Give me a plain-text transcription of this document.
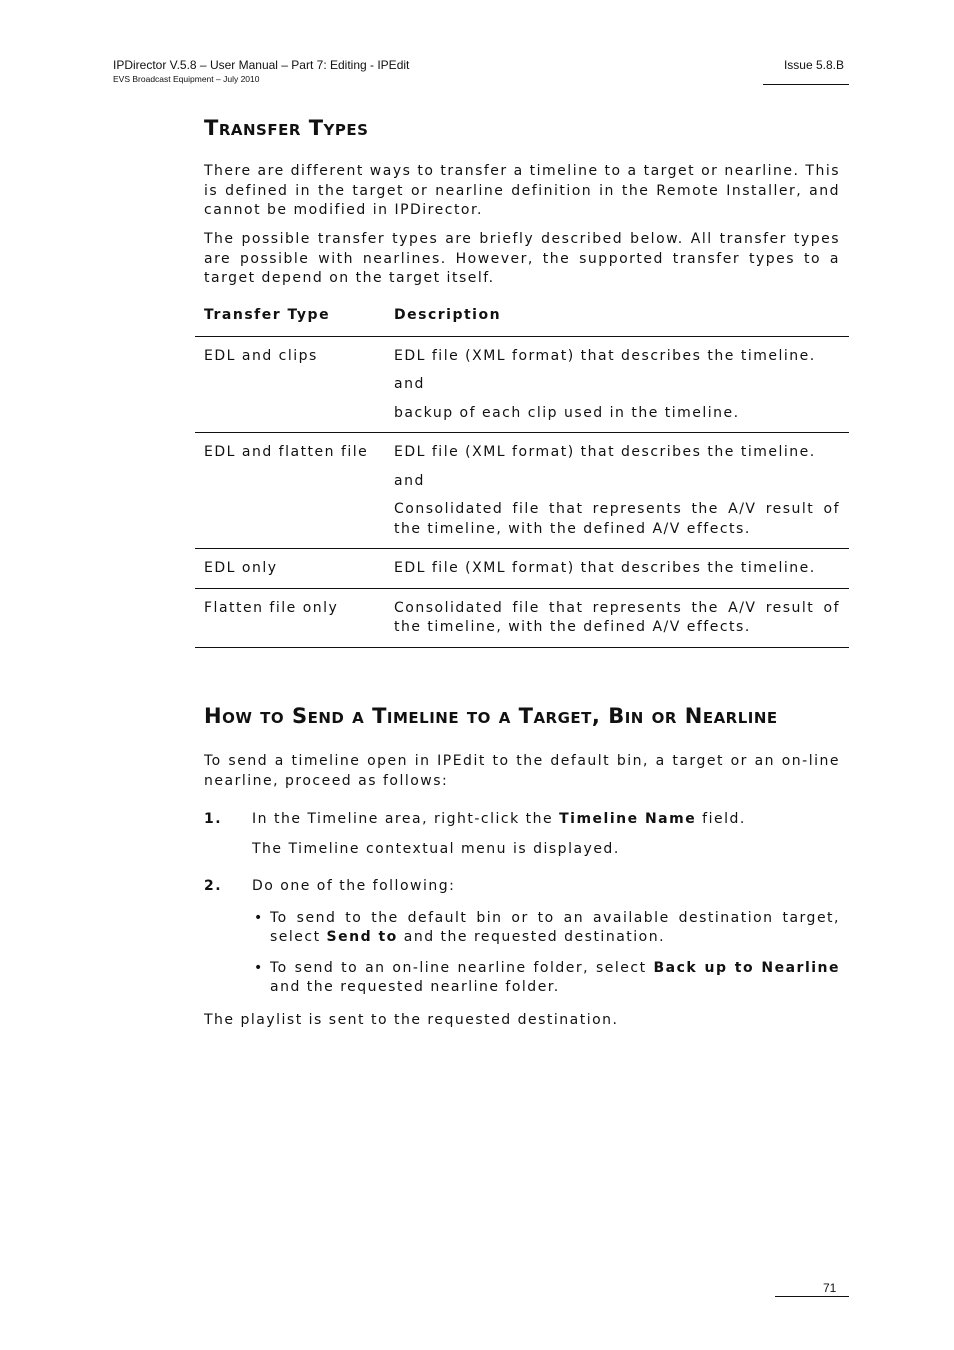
IPDirector V.5.8 – User Manual – Part 7: Editing - IPEdit
EVS Broadcast Equipment – July 2010
Issue 5.8.B
Transfer Types
There are different ways to transfer a timeline to a target or nearline. This is defined in the target or nearline definition in the Remote Installer, and cannot be modified in IPDirector.
The possible transfer types are briefly described below. All transfer types are possible with nearlines. However, the supported transfer types to a target depend on the target itself.
Transfer Type	Description
EDL and clips	EDL file (XML format) that describes the timeline.
and
backup of each clip used in the timeline.

EDL and flatten file	EDL file (XML format) that describes the timeline.
and
Consolidated file that represents the A/V result of the timeline, with the defined A/V effects.

EDL only	EDL file (XML format) that describes the timeline.

Flatten file only	Consolidated file that represents the A/V result of the timeline, with the defined A/V effects.
How to Send a Timeline to a Target, Bin or Nearline
To send a timeline open in IPEdit to the default bin, a target or an on-line nearline, proceed as follows:
1. In the Timeline area, right-click the Timeline Name field.
The Timeline contextual menu is displayed.
2. Do one of the following:
• To send to the default bin or to an available destination target, select Send to and the requested destination.
• To send to an on-line nearline folder, select Back up to Nearline and the requested nearline folder.
The playlist is sent to the requested destination.
71
